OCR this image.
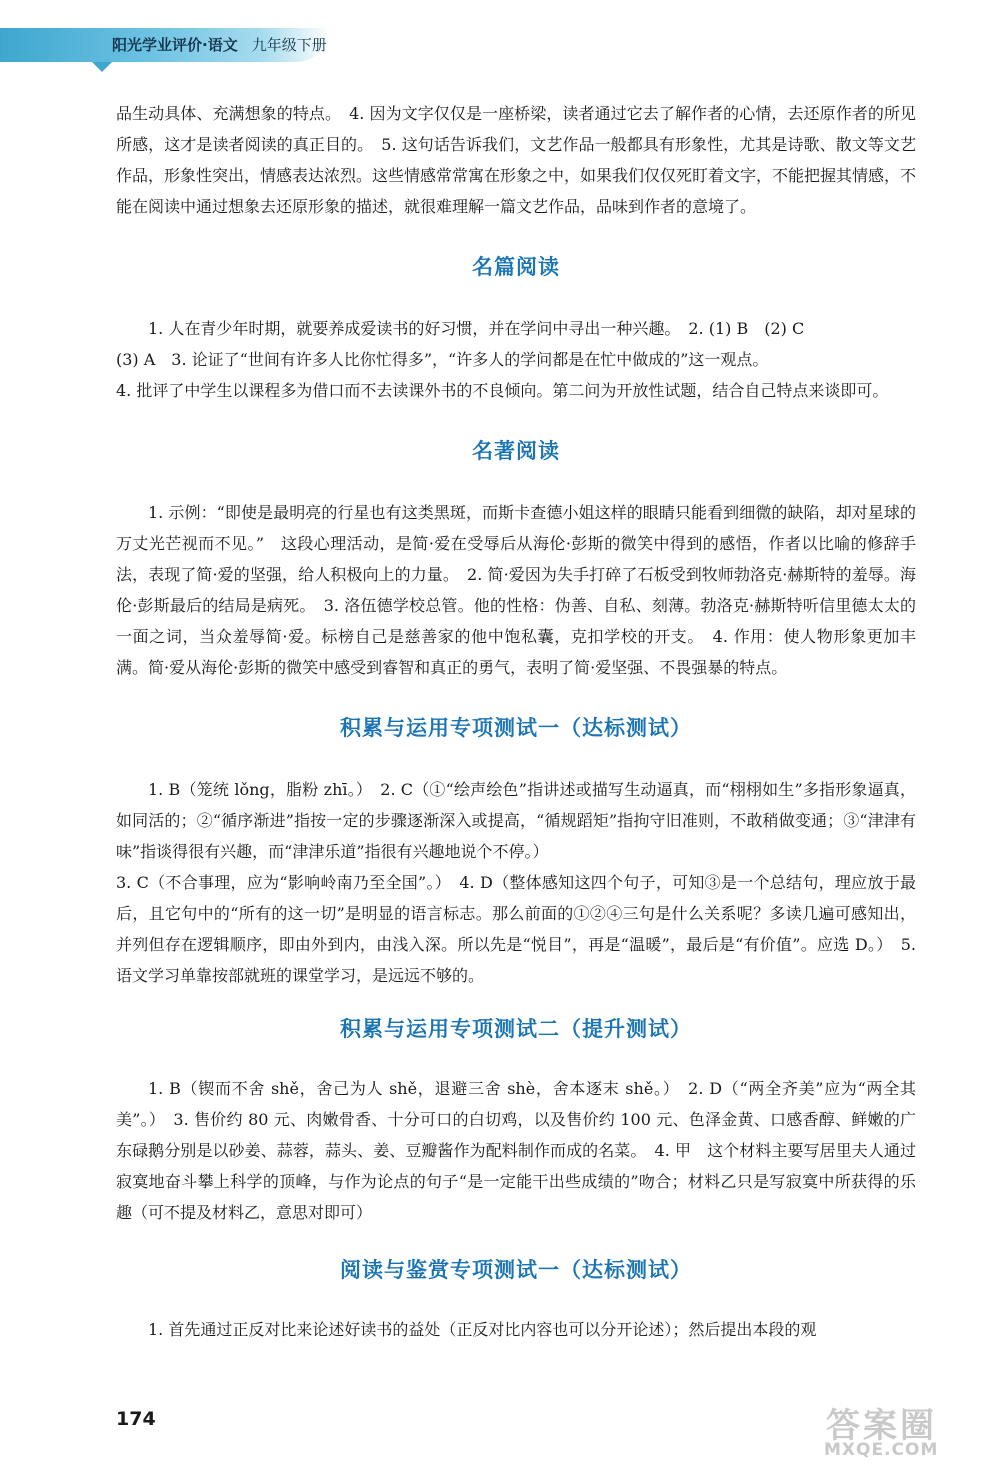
阳光学业评价·语文 九年级下册

品生动具体、充满想象的特点。　4. 因为文字仅仅是一座桥梁，读者通过它去了解作者的心情，去还原作者的所见所感，这才是读者阅读的真正目的。　5. 这句话告诉我们，文艺作品一般都具有形象性，尤其是诗歌、散文等文艺作品，形象性突出，情感表达浓烈。这些情感常常寓在形象之中，如果我们仅仅死盯着文字，不能把握其情感，不能在阅读中通过想象去还原形象的描述，就很难理解一篇文艺作品，品味到作者的意境了。

名篇阅读

1. 人在青少年时期，就要养成爱读书的好习惯，并在学问中寻出一种兴趣。　2. (1) B　(2) C

(3) A　3. 论证了“世间有许多人比你忙得多”，“许多人的学问都是在忙中做成的”这一观点。

4. 批评了中学生以课程多为借口而不去读课外书的不良倾向。第二问为开放性试题，结合自己特点来谈即可。

名著阅读

1. 示例：“即使是最明亮的行星也有这类黑斑，而斯卡查德小姐这样的眼睛只能看到细微的缺陷，却对星球的万丈光芒视而不见。”　这段心理活动，是简·爱在受辱后从海伦·彭斯的微笑中得到的感悟，作者以比喻的修辞手法，表现了简·爱的坚强，给人积极向上的力量。　2. 简·爱因为失手打碎了石板受到牧师勃洛克·赫斯特的羞辱。海伦·彭斯最后的结局是病死。　3. 洛伍德学校总管。他的性格：伪善、自私、刻薄。勃洛克·赫斯特听信里德太太的一面之词，当众羞辱简·爱。标榜自己是慈善家的他中饱私囊，克扣学校的开支。　4. 作用：使人物形象更加丰满。简·爱从海伦·彭斯的微笑中感受到睿智和真正的勇气，表明了简·爱坚强、不畏强暴的特点。

积累与运用专项测试一（达标测试）

1. B（笼统 lǒng，脂粉 zhī。）　2. C（①“绘声绘色”指讲述或描写生动逼真，而“栩栩如生”多指形象逼真，如同活的；②“循序渐进”指按一定的步骤逐渐深入或提高，“循规蹈矩”指拘守旧准则，不敢稍做变通；③“津津有味”指谈得很有兴趣，而“津津乐道”指很有兴趣地说个不停。）

3. C（不合事理，应为“影响岭南乃至全国”。）　4. D（整体感知这四个句子，可知③是一个总结句，理应放于最后，且它句中的“所有的这一切”是明显的语言标志。那么前面的①②④三句是什么关系呢？多读几遍可感知出，并列但存在逻辑顺序，即由外到内，由浅入深。所以先是“悦目”，再是“温暖”，最后是“有价值”。应选 D。）　5. 语文学习单靠按部就班的课堂学习，是远远不够的。

积累与运用专项测试二（提升测试）

1. B（锲而不舍 shě，舍己为人 shě，退避三舍 shè，舍本逐末 shě。）　2. D（“两全齐美”应为“两全其美”。）　3. 售价约 80 元、肉嫩骨香、十分可口的白切鸡，以及售价约 100 元、色泽金黄、口感香醇、鲜嫩的广东碌鹅分别是以砂姜、蒜蓉，蒜头、姜、豆瓣酱作为配料制作而成的名菜。　4. 甲　这个材料主要写居里夫人通过寂寞地奋斗攀上科学的顶峰，与作为论点的句子“是一定能干出些成绩的”吻合；材料乙只是写寂寞中所获得的乐趣（可不提及材料乙，意思对即可）

阅读与鉴赏专项测试一（达标测试）

1. 首先通过正反对比来论述好读书的益处（正反对比内容也可以分开论述）；然后提出本段的观

174	答案圈
MXQE.COM
